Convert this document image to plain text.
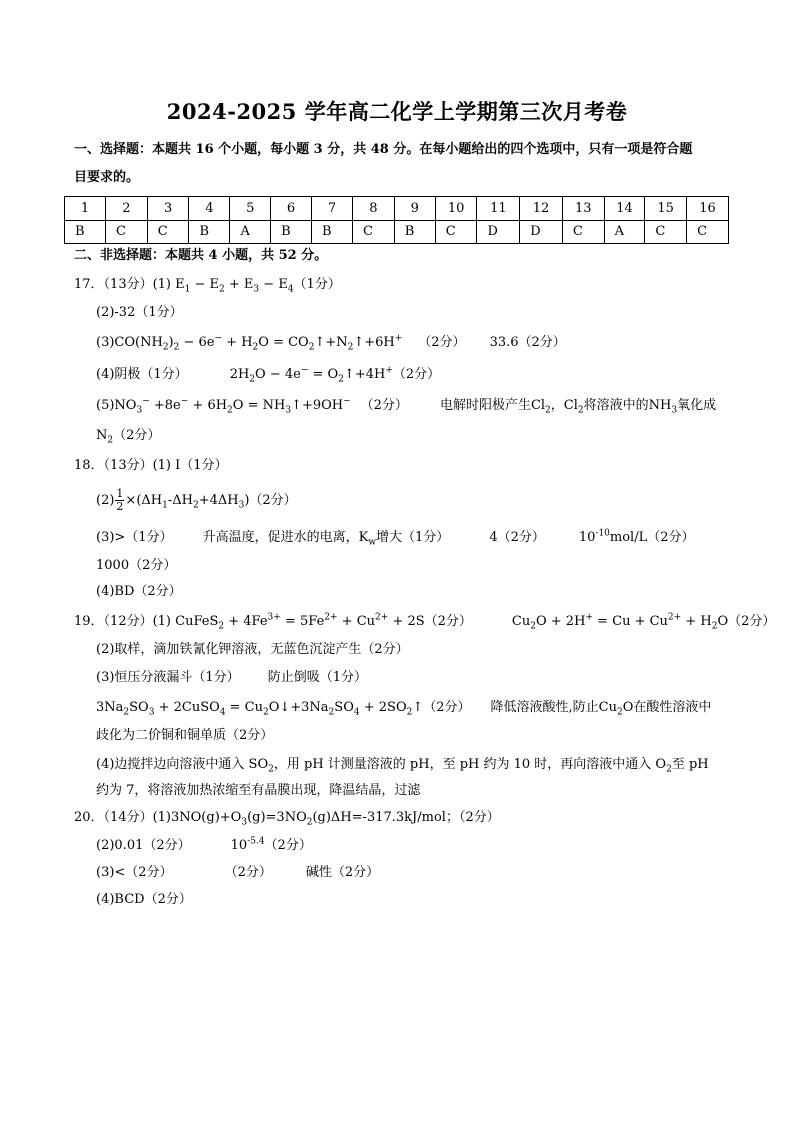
2024-2025 学年高二化学上学期第三次月考卷
一、选择题：本题共 16 个小题，每小题 3 分，共 48 分。在每小题给出的四个选项中，只有一项是符合题
目要求的。
1	2	3	4	5	6	7	8	9	10	11	12	13	14	15	16
B	C	C	B	A	B	B	C	B	C	D	D	C	A	C	C
二、非选择题：本题共 4 小题，共 52 分。
17．（13分）(1) $E_1 - E_2 + E_3 - E_4(1$分）
(2)-32（1分）
$(3)CO(NH_2)_2 - 6e^- + H_2O$ = $CO_2↑+N_2↑+6H^+$ （2分） 33.6（2分）
(4)阴极（1分）	$2H_2O - 4e^-$ = $O_2↑+4H^+(2$分）
$(5)NO_3^- +8e^- + 6H_2O$ = $NH_3↑+9OH^-$ （2分） 电解时阳极产生$Cl_2$，$Cl_2$将溶液中的$NH_3$氧化成
$N_2(2$分）
18．（13分）(1) I（1分）
$(2) \frac{1}{2} \times(\Delta H_1-\Delta H_2+4\Delta H_3)(2$分）
(3)>（1分） 升高温度，促进水的电离，$K_w$增大（1分）	4（2分）	$10^{-10}mol/L(2$分）
1000（2分）
(4)BD（2分）
19．（12分）(1) CuFeS$_2$ + $4Fe^{3+} = 5Fe^{2+} + Cu^{2+} + 2S(2$分）	$Cu_2O + 2H^+ = Cu + Cu^{2+} + H_2O(2$分）
(2)取样，滴加铁氰化钾溶液，无蓝色沉淀产生（2分）
(3)恒压分液漏斗（1分） 防止倒吸（1分）
$3Na_2SO_3$ + 2CuSO$_4$ = $Cu_2O↓+3Na_2SO_4$ + $2SO_2↑(2$分） 降低溶液酸性,防止$Cu_2O$在酸性溶液中
歧化为二价铜和铜单质（2分）
(4)边搅拌边向溶液中通入 $SO_2$，用 pH 计测量溶液的 pH，至 pH 约为 10 时，再向溶液中通入 $O_2$至 pH
约为 7，将溶液加热浓缩至有晶膜出现，降温结晶，过滤
20．（14分）$(1)3NO(g)+O_3(g)=3NO_2(g)\Delta H=-317.3kJ$/mol；（2分）
(2)0.01（2分）	$10^{-5.4}(2$分）
(3)<（2分）	（2分）	碱性（2分）
(4)BCD（2分）
